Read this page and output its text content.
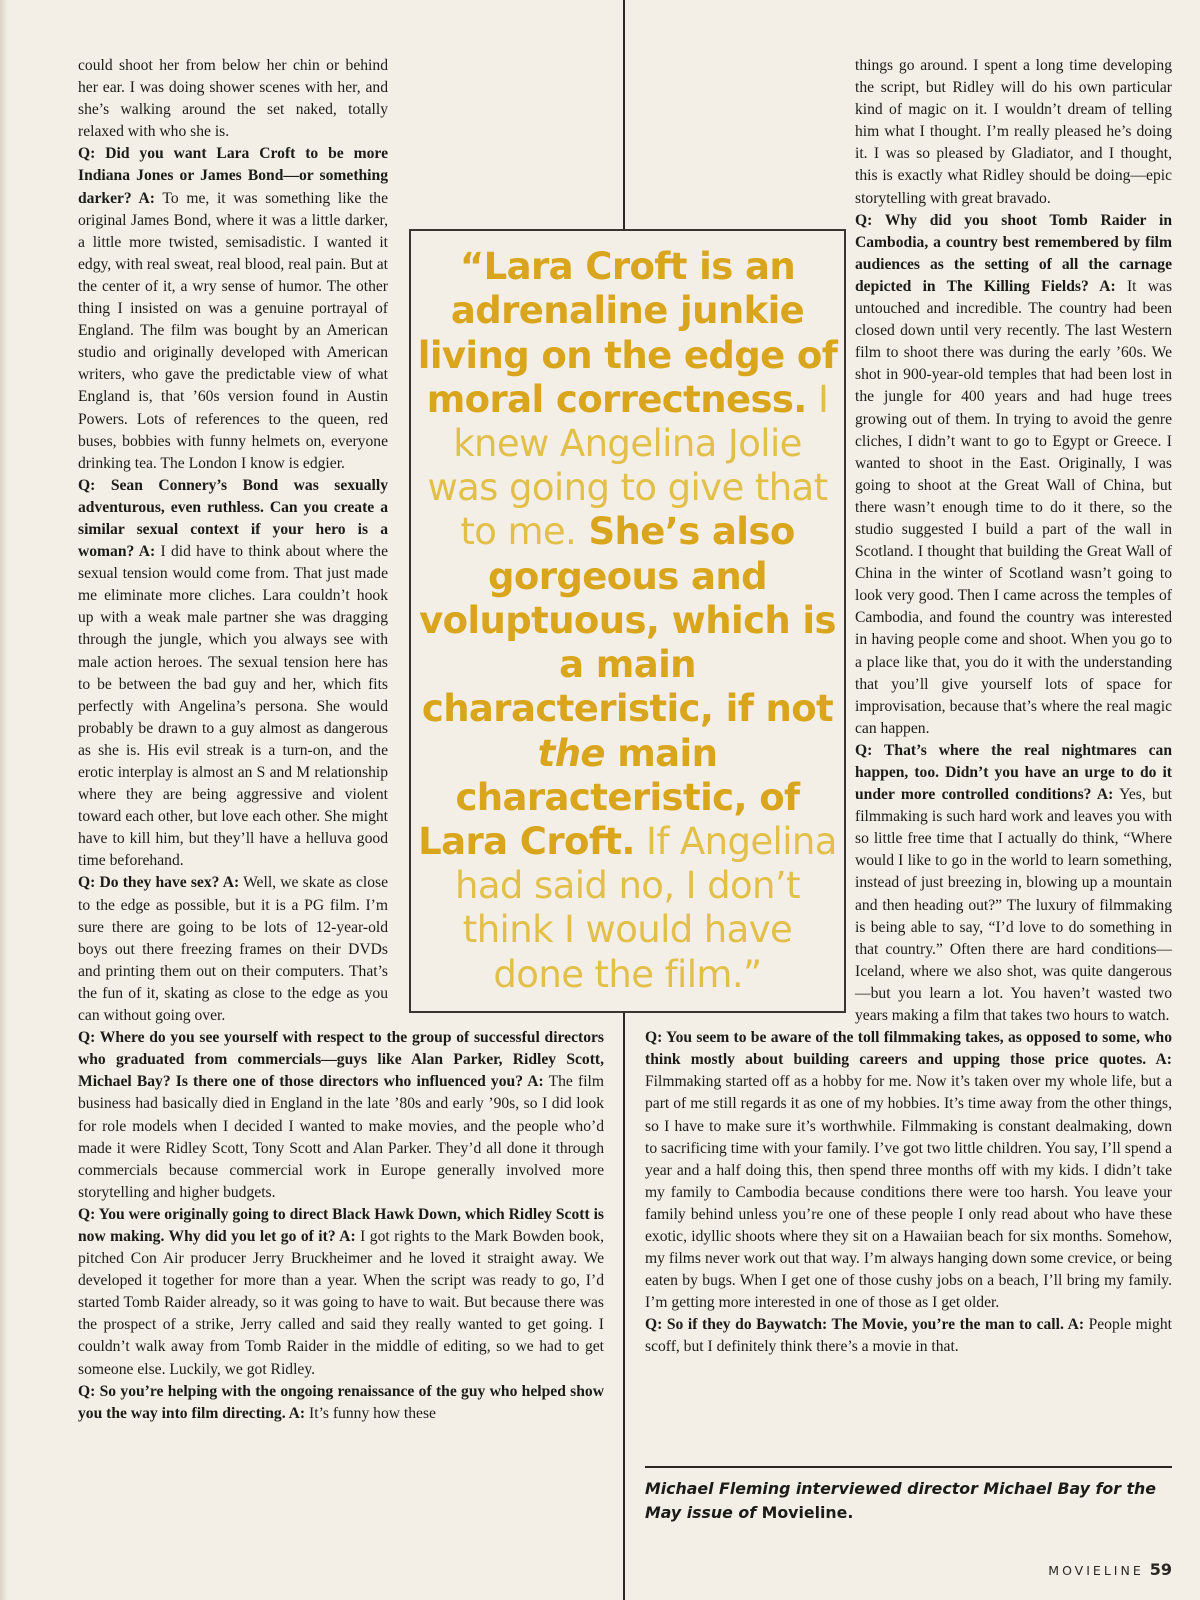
could shoot her from below her chin or behind her ear. I was doing shower scenes with her, and she’s walking around the set naked, totally relaxed with who she is.

Q: Did you want Lara Croft to be more Indiana Jones or James Bond—or something darker? A: To me, it was something like the original James Bond, where it was a little darker, a little more twisted, semisadistic. I wanted it edgy, with real sweat, real blood, real pain. But at the center of it, a wry sense of humor. The other thing I insisted on was a genuine portrayal of England. The film was bought by an American studio and originally developed with American writers, who gave the predictable view of what England is, that ’60s version found in Austin Powers. Lots of references to the queen, red buses, bobbies with funny helmets on, everyone drinking tea. The London I know is edgier.

Q: Sean Connery’s Bond was sexually adventurous, even ruthless. Can you create a similar sexual context if your hero is a woman? A: I did have to think about where the sexual tension would come from. That just made me eliminate more cliches. Lara couldn’t hook up with a weak male partner she was dragging through the jungle, which you always see with male action heroes. The sexual tension here has to be between the bad guy and her, which fits perfectly with Angelina’s persona. She would probably be drawn to a guy almost as dangerous as she is. His evil streak is a turn-on, and the erotic interplay is almost an S and M relationship where they are being aggressive and violent toward each other, but love each other. She might have to kill him, but they’ll have a helluva good time beforehand.

Q: Do they have sex? A: Well, we skate as close to the edge as possible, but it is a PG film. I’m sure there are going to be lots of 12-year-old boys out there freezing frames on their DVDs and printing them out on their computers. That’s the fun of it, skating as close to the edge as you can without going over.

Q: Where do you see yourself with respect to the group of successful directors who graduated from commercials—guys like Alan Parker, Ridley Scott, Michael Bay? Is there one of those directors who influenced you? A: The film business had basically died in England in the late ’80s and early ’90s, so I did look for role models when I decided I wanted to make movies, and the people who’d made it were Ridley Scott, Tony Scott and Alan Parker. They’d all done it through commercials because commercial work in Europe generally involved more storytelling and higher budgets.

Q: You were originally going to direct Black Hawk Down, which Ridley Scott is now making. Why did you let go of it? A: I got rights to the Mark Bowden book, pitched Con Air producer Jerry Bruckheimer and he loved it straight away. We developed it together for more than a year. When the script was ready to go, I’d started Tomb Raider already, so it was going to have to wait. But because there was the prospect of a strike, Jerry called and said they really wanted to get going. I couldn’t walk away from Tomb Raider in the middle of editing, so we had to get someone else. Luckily, we got Ridley.

Q: So you’re helping with the ongoing renaissance of the guy who helped show you the way into film directing. A: It’s funny how these

things go around. I spent a long time developing the script, but Ridley will do his own particular kind of magic on it. I wouldn’t dream of telling him what I thought. I’m really pleased he’s doing it. I was so pleased by Gladiator, and I thought, this is exactly what Ridley should be doing—epic storytelling with great bravado.

Q: Why did you shoot Tomb Raider in Cambodia, a country best remembered by film audiences as the setting of all the carnage depicted in The Killing Fields? A: It was untouched and incredible. The country had been closed down until very recently. The last Western film to shoot there was during the early ’60s. We shot in 900-year-old temples that had been lost in the jungle for 400 years and had huge trees growing out of them. In trying to avoid the genre cliches, I didn’t want to go to Egypt or Greece. I wanted to shoot in the East. Originally, I was going to shoot at the Great Wall of China, but there wasn’t enough time to do it there, so the studio suggested I build a part of the wall in Scotland. I thought that building the Great Wall of China in the winter of Scotland wasn’t going to look very good. Then I came across the temples of Cambodia, and found the country was interested in having people come and shoot. When you go to a place like that, you do it with the understanding that you’ll give yourself lots of space for improvisation, because that’s where the real magic can happen.

Q: That’s where the real nightmares can happen, too. Didn’t you have an urge to do it under more controlled conditions? A: Yes, but filmmaking is such hard work and leaves you with so little free time that I actually do think, “Where would I like to go in the world to learn something, instead of just breezing in, blowing up a mountain and then heading out?” The luxury of filmmaking is being able to say, “I’d love to do something in that country.” Often there are hard conditions—Iceland, where we also shot, was quite dangerous—but you learn a lot. You haven’t wasted two years making a film that takes two hours to watch.

Q: You seem to be aware of the toll filmmaking takes, as opposed to some, who think mostly about building careers and upping those price quotes. A: Filmmaking started off as a hobby for me. Now it’s taken over my whole life, but a part of me still regards it as one of my hobbies. It’s time away from the other things, so I have to make sure it’s worthwhile. Filmmaking is constant dealmaking, down to sacrificing time with your family. I’ve got two little children. You say, I’ll spend a year and a half doing this, then spend three months off with my kids. I didn’t take my family to Cambodia because conditions there were too harsh. You leave your family behind unless you’re one of these people I only read about who have these exotic, idyllic shoots where they sit on a Hawaiian beach for six months. Somehow, my films never work out that way. I’m always hanging down some crevice, or being eaten by bugs. When I get one of those cushy jobs on a beach, I’ll bring my family. I’m getting more interested in one of those as I get older.

Q: So if they do Baywatch: The Movie, you’re the man to call. A: People might scoff, but I definitely think there’s a movie in that.

“Lara Croft is an adrenaline junkie living on the edge of moral correctness. I knew Angelina Jolie was going to give that to me. She’s also gorgeous and voluptuous, which is a main characteristic, if not the main characteristic, of Lara Croft. If Angelina had said no, I don’t think I would have done the film.”

Michael Fleming interviewed director Michael Bay for the May issue of Movieline.

MOVIELINE 59
